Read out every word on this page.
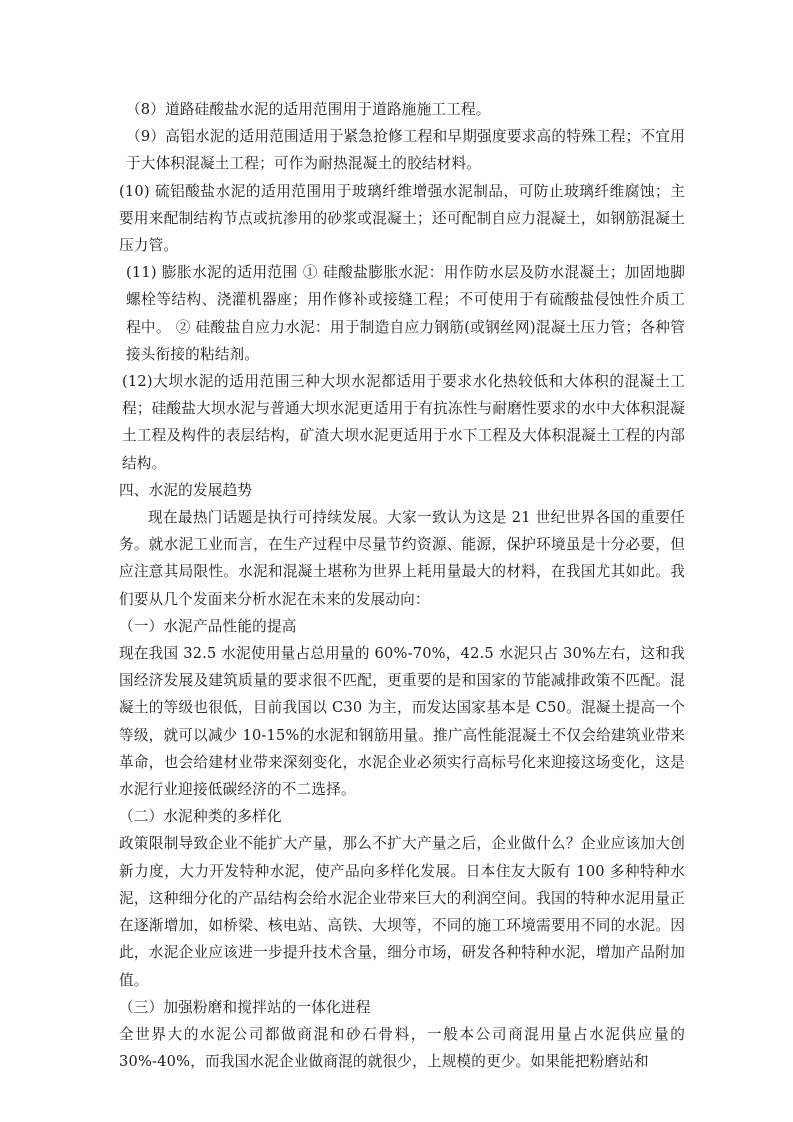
（8）道路硅酸盐水泥的适用范围用于道路施施工工程。

（9）高铝水泥的适用范围适用于紧急抢修工程和早期强度要求高的特殊工程；不宜用于大体积混凝土工程；可作为耐热混凝土的胶结材料。

(10) 硫铝酸盐水泥的适用范围用于玻璃纤维增强水泥制品，可防止玻璃纤维腐蚀；主要用来配制结构节点或抗渗用的砂浆或混凝土；还可配制自应力混凝土，如钢筋混凝土压力管。

(11) 膨胀水泥的适用范围 ① 硅酸盐膨胀水泥：用作防水层及防水混凝土；加固地脚螺栓等结构、浇灌机器座；用作修补或接缝工程；不可使用于有硫酸盐侵蚀性介质工程中。 ② 硅酸盐自应力水泥：用于制造自应力钢筋(或钢丝网)混凝土压力管；各种管接头衔接的粘结剂。

(12)大坝水泥的适用范围三种大坝水泥都适用于要求水化热较低和大体积的混凝土工程；硅酸盐大坝水泥与普通大坝水泥更适用于有抗冻性与耐磨性要求的水中大体积混凝土工程及构件的表层结构，矿渣大坝水泥更适用于水下工程及大体积混凝土工程的内部结构。

四、水泥的发展趋势

现在最热门话题是执行可持续发展。大家一致认为这是 21 世纪世界各国的重要任务。就水泥工业而言，在生产过程中尽量节约资源、能源，保护环境虽是十分必要，但应注意其局限性。水泥和混凝土堪称为世界上耗用量最大的材料，在我国尤其如此。我们要从几个发面来分析水泥在未来的发展动向：

（一）水泥产品性能的提高

现在我国 32.5 水泥使用量占总用量的 60%-70%，42.5 水泥只占 30%左右，这和我国经济发展及建筑质量的要求很不匹配，更重要的是和国家的节能减排政策不匹配。混凝土的等级也很低，目前我国以 C30 为主，而发达国家基本是 C50。混凝土提高一个等级，就可以减少 10-15%的水泥和钢筋用量。推广高性能混凝土不仅会给建筑业带来革命，也会给建材业带来深刻变化，水泥企业必须实行高标号化来迎接这场变化，这是水泥行业迎接低碳经济的不二选择。

（二）水泥种类的多样化

政策限制导致企业不能扩大产量，那么不扩大产量之后，企业做什么？企业应该加大创新力度，大力开发特种水泥，使产品向多样化发展。日本住友大阪有 100 多种特种水泥，这种细分化的产品结构会给水泥企业带来巨大的利润空间。我国的特种水泥用量正在逐渐增加，如桥梁、核电站、高铁、大坝等，不同的施工环境需要用不同的水泥。因此，水泥企业应该进一步提升技术含量，细分市场，研发各种特种水泥，增加产品附加值。

（三）加强粉磨和搅拌站的一体化进程

全世界大的水泥公司都做商混和砂石骨料，一般本公司商混用量占水泥供应量的 30%-40%，而我国水泥企业做商混的就很少，上规模的更少。如果能把粉磨站和
